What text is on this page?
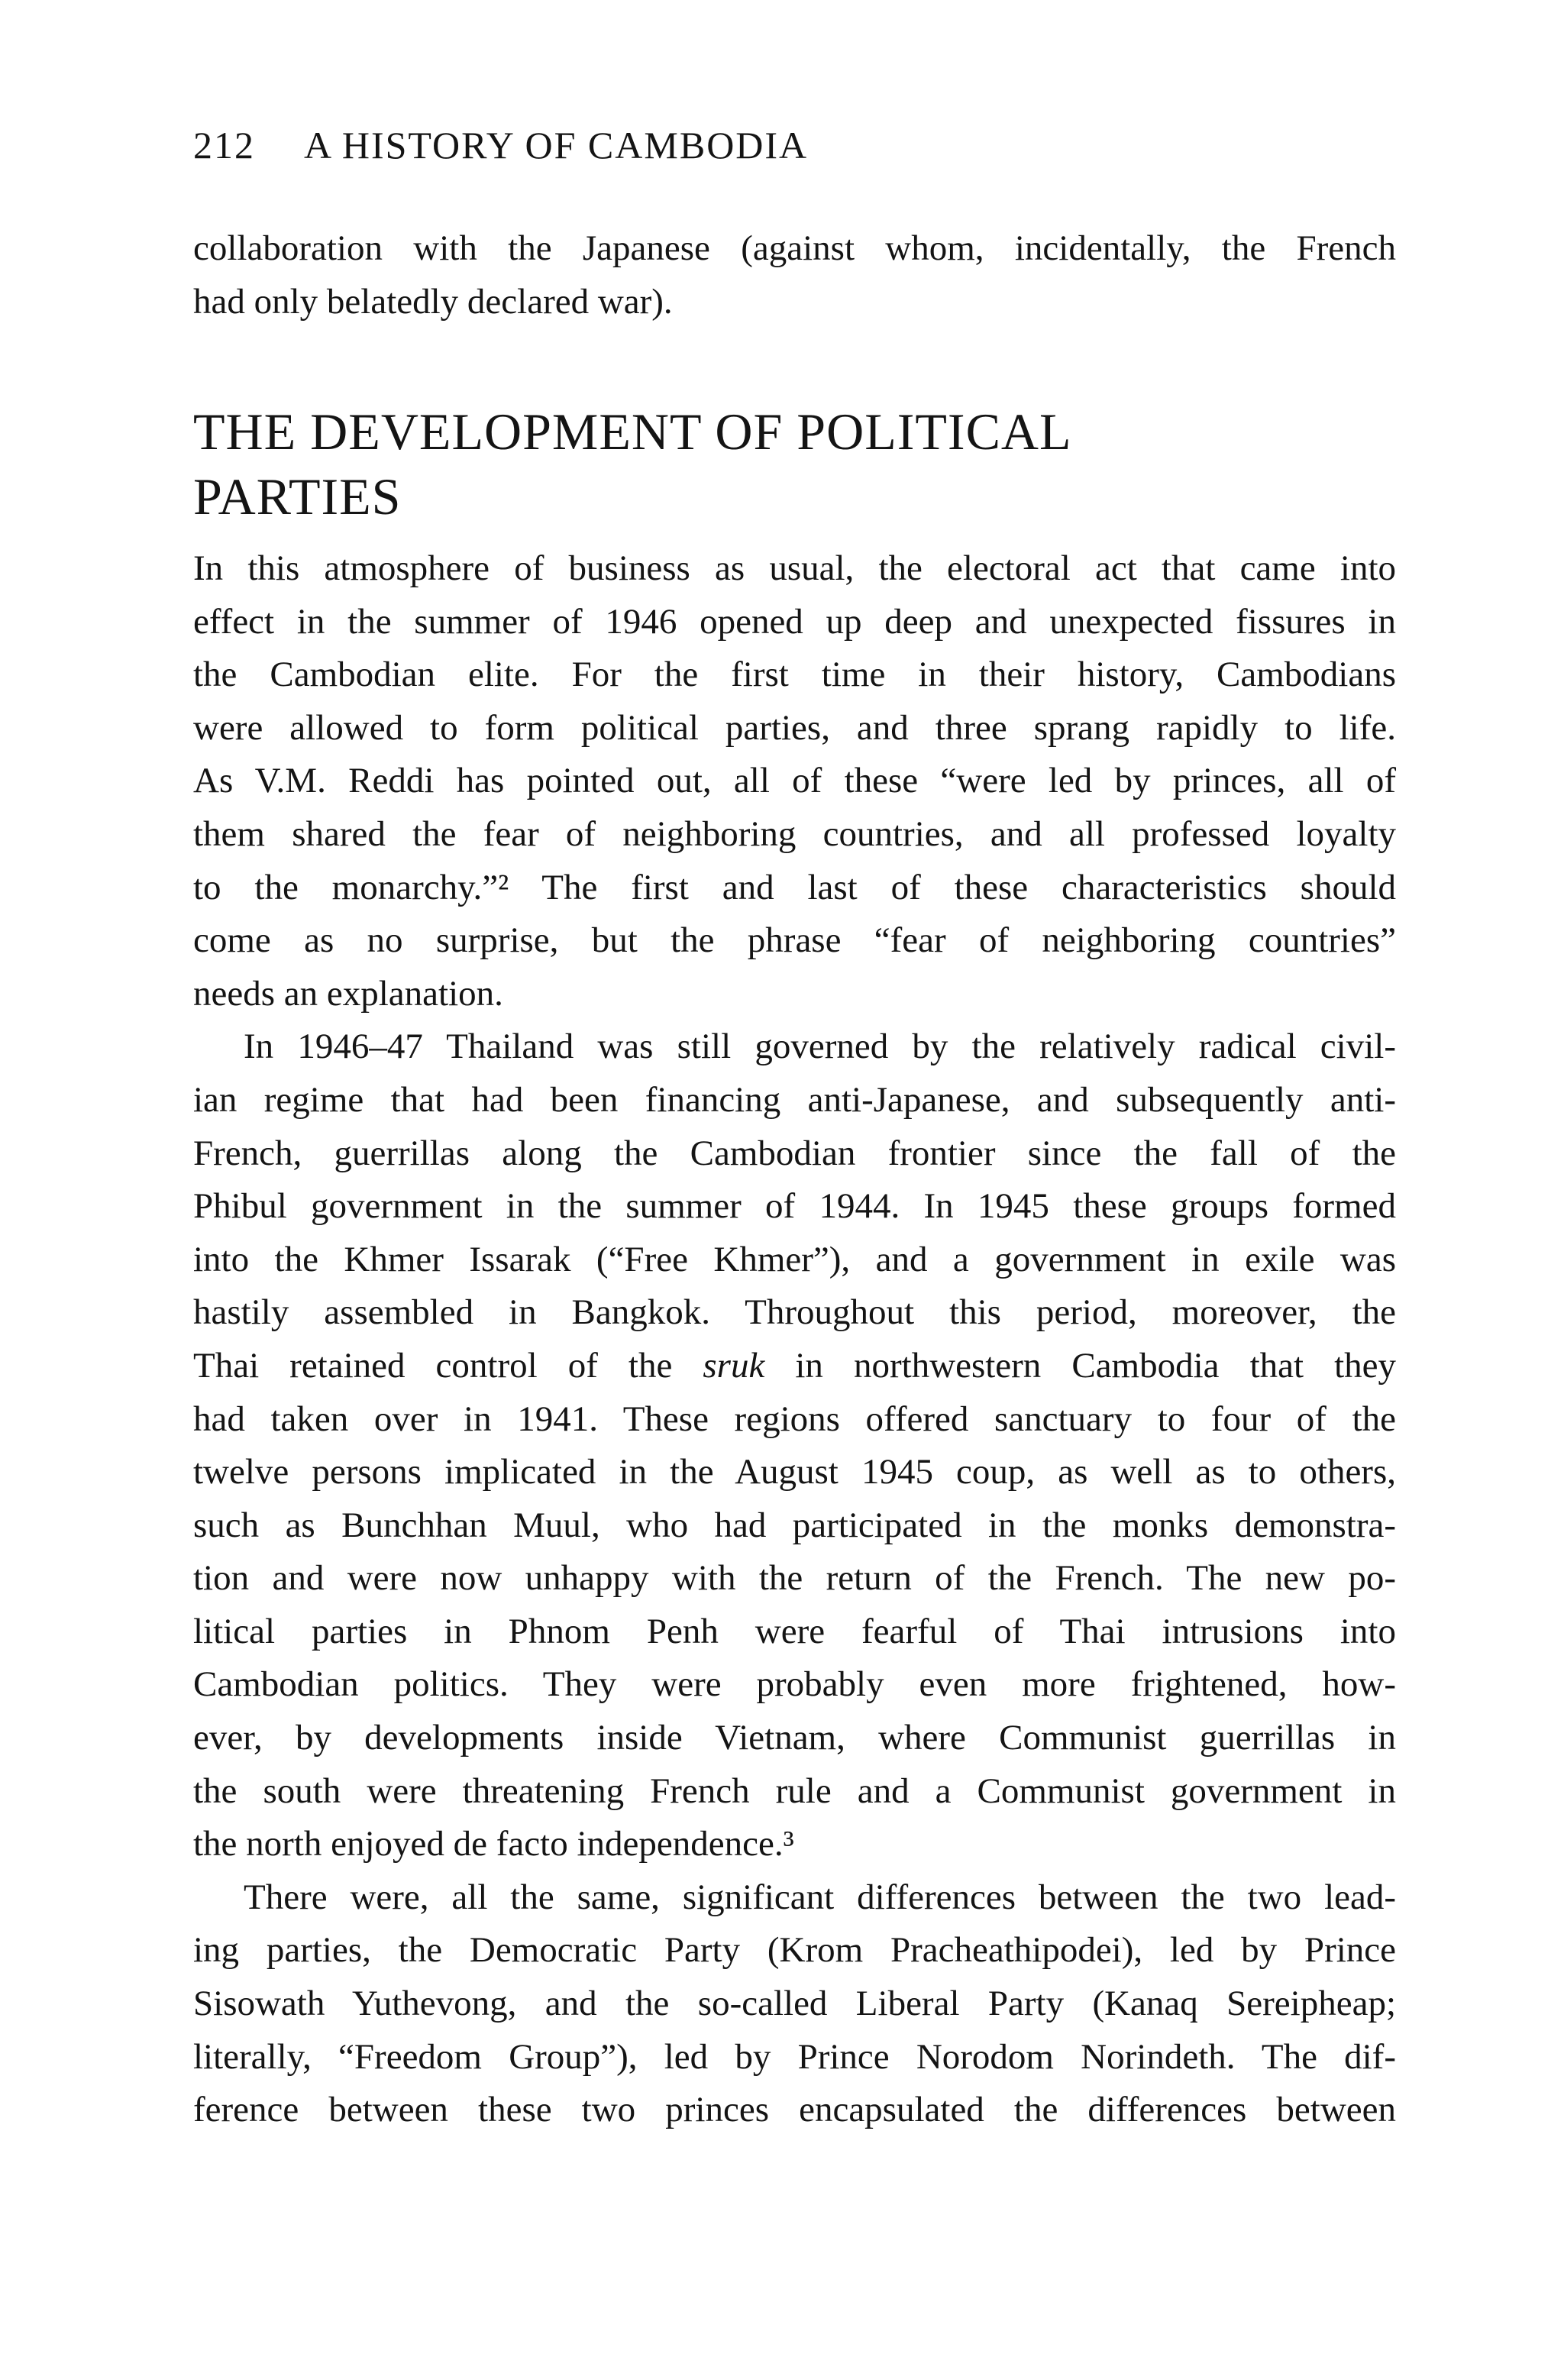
212 A HISTORY OF CAMBODIA
collaboration with the Japanese (against whom, incidentally, the French
had only belatedly declared war).
THE DEVELOPMENT OF POLITICAL
PARTIES
In this atmosphere of business as usual, the electoral act that came into
effect in the summer of 1946 opened up deep and unexpected fissures in
the Cambodian elite. For the first time in their history, Cambodians
were allowed to form political parties, and three sprang rapidly to life.
As V.M. Reddi has pointed out, all of these “were led by princes, all of
them shared the fear of neighboring countries, and all professed loyalty
to the monarchy.”² The first and last of these characteristics should
come as no surprise, but the phrase “fear of neighboring countries”
needs an explanation.
In 1946–47 Thailand was still governed by the relatively radical civil-
ian regime that had been financing anti-Japanese, and subsequently anti-
French, guerrillas along the Cambodian frontier since the fall of the
Phibul government in the summer of 1944. In 1945 these groups formed
into the Khmer Issarak (“Free Khmer”), and a government in exile was
hastily assembled in Bangkok. Throughout this period, moreover, the
Thai retained control of the sruk in northwestern Cambodia that they
had taken over in 1941. These regions offered sanctuary to four of the
twelve persons implicated in the August 1945 coup, as well as to others,
such as Bunchhan Muul, who had participated in the monks demonstra-
tion and were now unhappy with the return of the French. The new po-
litical parties in Phnom Penh were fearful of Thai intrusions into
Cambodian politics. They were probably even more frightened, how-
ever, by developments inside Vietnam, where Communist guerrillas in
the south were threatening French rule and a Communist government in
the north enjoyed de facto independence.³
There were, all the same, significant differences between the two lead-
ing parties, the Democratic Party (Krom Pracheathipodei), led by Prince
Sisowath Yuthevong, and the so-called Liberal Party (Kanaq Sereipheap;
literally, “Freedom Group”), led by Prince Norodom Norindeth. The dif-
ference between these two princes encapsulated the differences between
